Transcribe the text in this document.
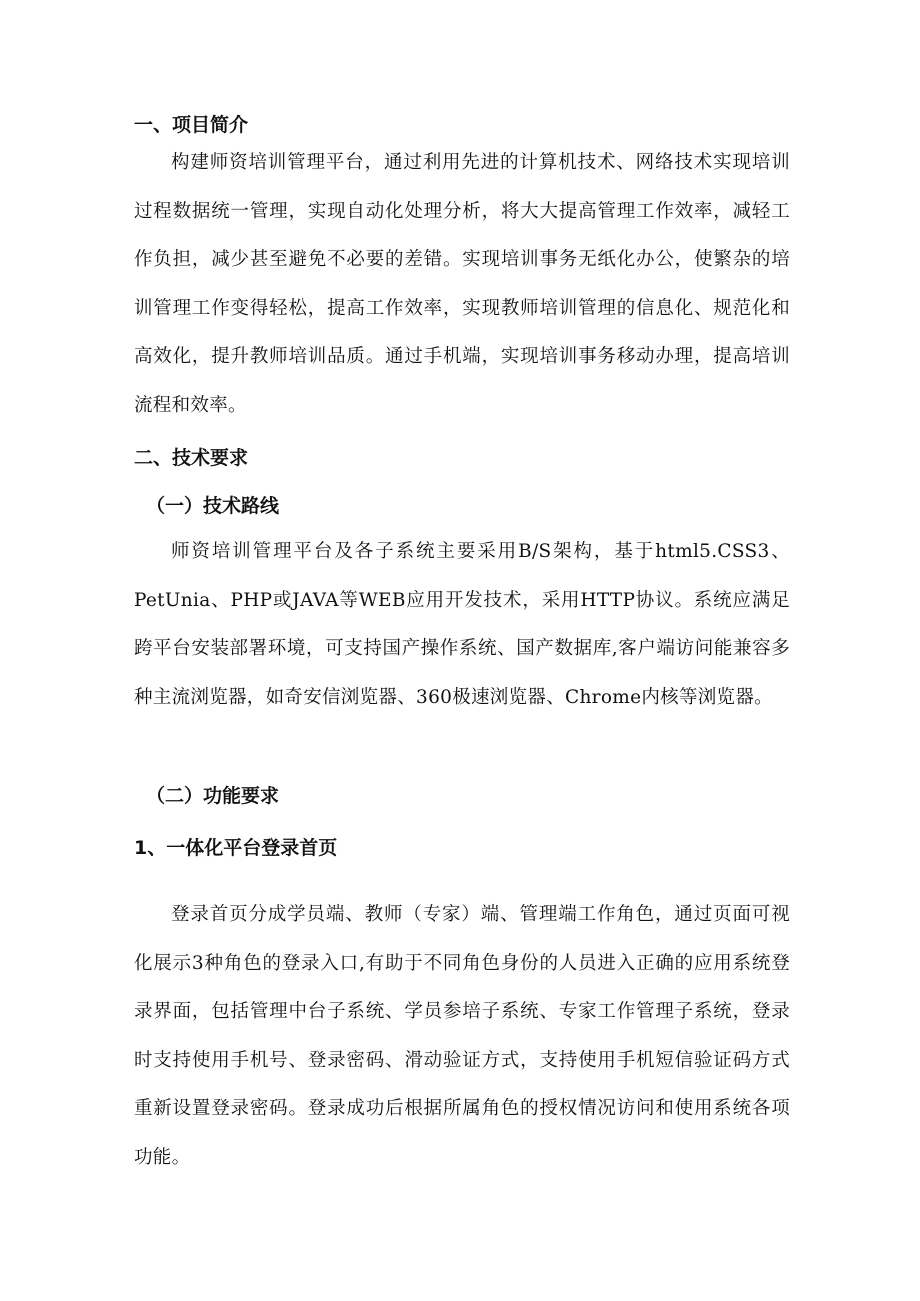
一、项目简介

构建师资培训管理平台，通过利用先进的计算机技术、网络技术实现培训过程数据统一管理，实现自动化处理分析，将大大提高管理工作效率，减轻工作负担，减少甚至避免不必要的差错。实现培训事务无纸化办公，使繁杂的培训管理工作变得轻松，提高工作效率，实现教师培训管理的信息化、规范化和高效化，提升教师培训品质。通过手机端，实现培训事务移动办理，提高培训流程和效率。

二、技术要求
（一）技术路线

师资培训管理平台及各子系统主要采用B/S架构，基于html5.CSS3、PetUnia、PHP或JAVA等WEB应用开发技术，采用HTTP协议。系统应满足跨平台安装部署环境，可支持国产操作系统、国产数据库,客户端访问能兼容多种主流浏览器，如奇安信浏览器、360极速浏览器、Chrome内核等浏览器。

（二）功能要求
1、一体化平台登录首页

登录首页分成学员端、教师（专家）端、管理端工作角色，通过页面可视化展示3种角色的登录入口,有助于不同角色身份的人员进入正确的应用系统登录界面，包括管理中台子系统、学员参培子系统、专家工作管理子系统，登录时支持使用手机号、登录密码、滑动验证方式，支持使用手机短信验证码方式重新设置登录密码。登录成功后根据所属角色的授权情况访问和使用系统各项功能。
